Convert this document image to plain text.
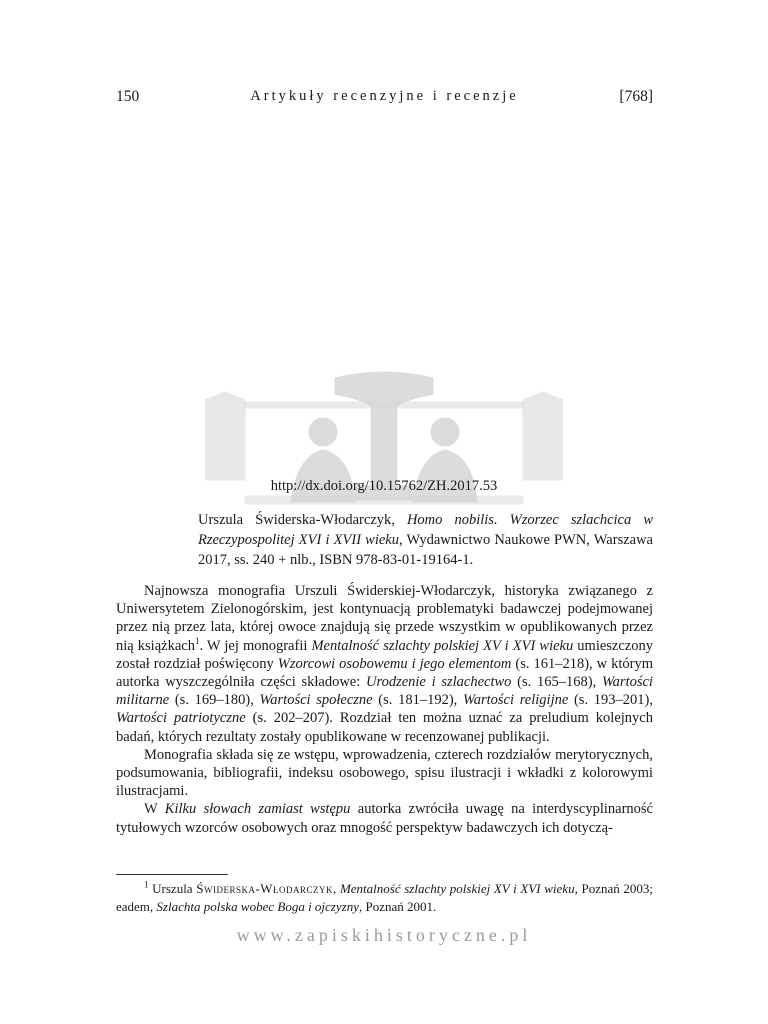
150	Artykuły recenzyjne i recenzje	[768]
http://dx.doi.org/10.15762/ZH.2017.53
Urszula Świderska-Włodarczyk, Homo nobilis. Wzorzec szlachcica w Rzeczypospolitej XVI i XVII wieku, Wydawnictwo Naukowe PWN, Warszawa 2017, ss. 240 + nlb., ISBN 978-83-01-19164-1.

Najnowsza monografia Urszuli Świderskiej-Włodarczyk, historyka związanego z Uniwersytetem Zielonogórskim, jest kontynuacją problematyki badawczej podejmowanej przez nią przez lata, której owoce znajdują się przede wszystkim w opublikowanych przez nią książkach$^1$. W jej monografii Mentalność szlachty polskiej XV i XVI wieku umieszczony został rozdział poświęcony Wzorcowi osobowemu i jego elementom (s. 161–218), w którym autorka wyszczególniła części składowe: Urodzenie i szlachectwo (s. 165–168), Wartości militarne (s. 169–180), Wartości społeczne (s. 181–192), Wartości religijne (s. 193–201), Wartości patriotyczne (s. 202–207). Rozdział ten można uznać za preludium kolejnych badań, których rezultaty zostały opublikowane w recenzowanej publikacji.

Monografia składa się ze wstępu, wprowadzenia, czterech rozdziałów merytorycznych, podsumowania, bibliografii, indeksu osobowego, spisu ilustracji i wkładki z kolorowymi ilustracjami.

W Kilku słowach zamiast wstępu autorka zwróciła uwagę na interdyscyplinarność tytułowych wzorców osobowych oraz mnogość perspektyw badawczych ich dotyczą-

$^1$ Urszula Świderska-Włodarczyk, Mentalność szlachty polskiej XV i XVI wieku, Poznań 2003; eadem, Szlachta polska wobec Boga i ojczyzny, Poznań 2001.
www.zapiskihistoryczne.pl
